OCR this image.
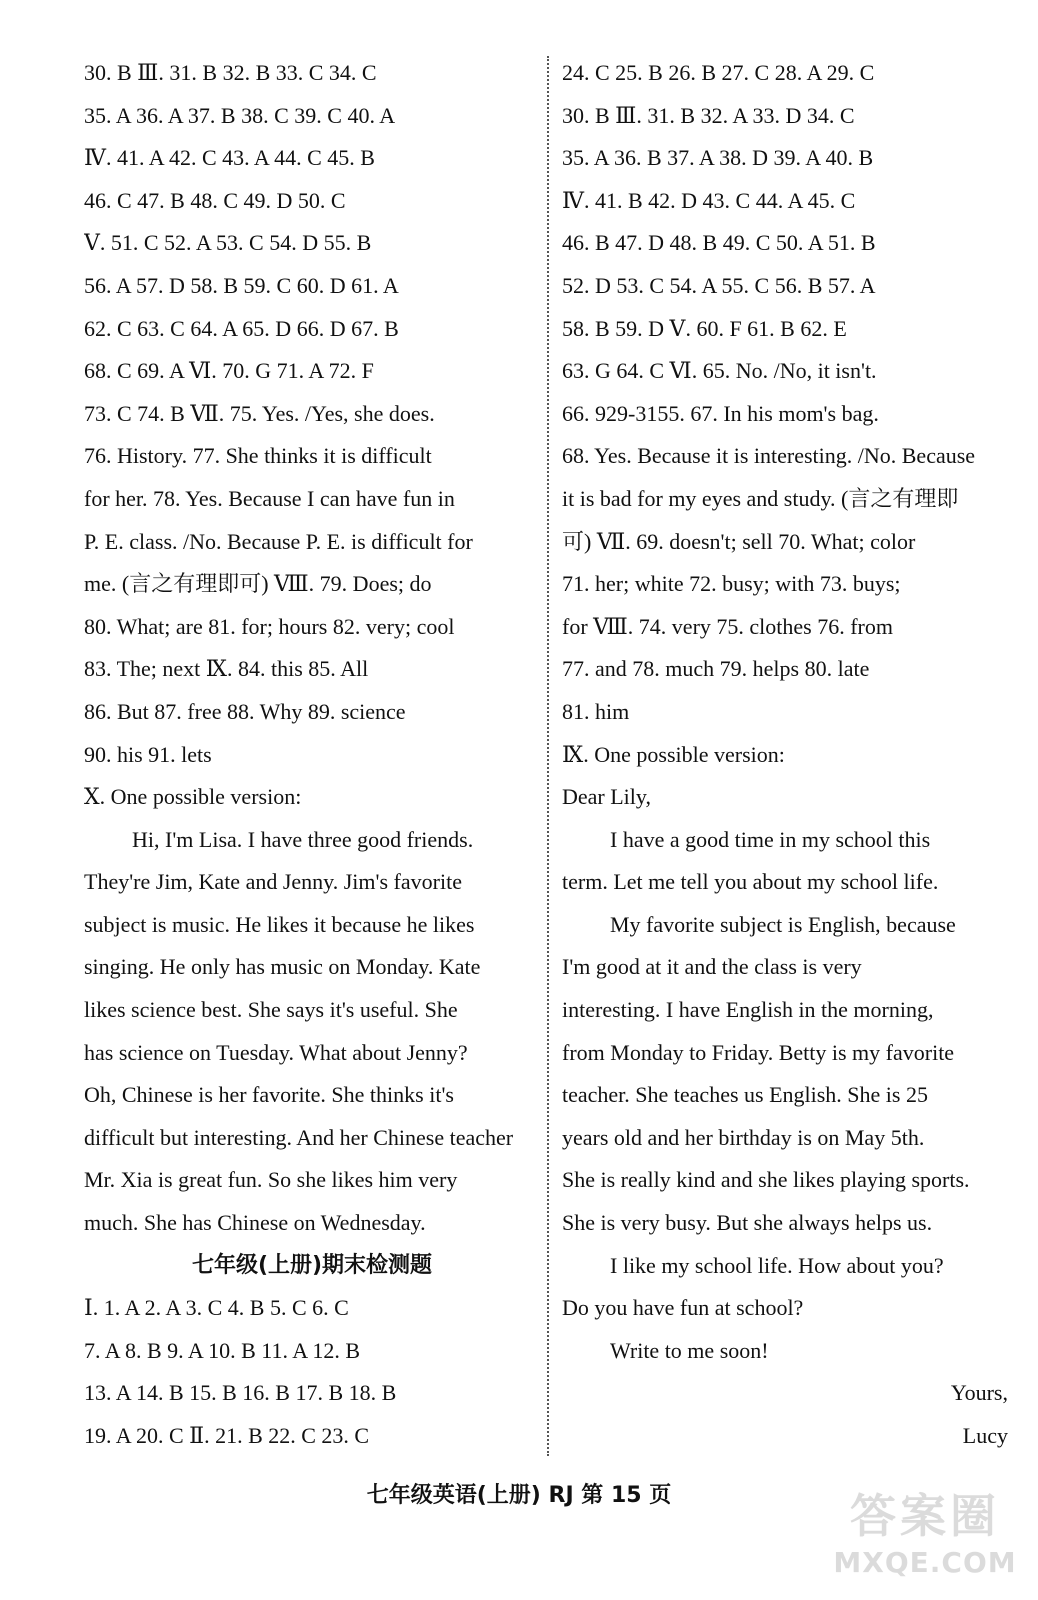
30. B Ⅲ. 31. B 32. B 33. C 34. C
35. A 36. A 37. B 38. C 39. C 40. A
Ⅳ. 41. A 42. C 43. A 44. C 45. B
46. C 47. B 48. C 49. D 50. C
Ⅴ. 51. C 52. A 53. C 54. D 55. B
56. A 57. D 58. B 59. C 60. D 61. A
62. C 63. C 64. A 65. D 66. D 67. B
68. C 69. A Ⅵ. 70. G 71. A 72. F
73. C 74. B Ⅶ. 75. Yes. /Yes, she does.
76. History. 77. She thinks it is difficult
for her. 78. Yes. Because I can have fun in
P. E. class. /No. Because P. E. is difficult for
me. (言之有理即可) Ⅷ. 79. Does; do
80. What; are 81. for; hours 82. very; cool
83. The; next Ⅸ. 84. this 85. All
86. But 87. free 88. Why 89. science
90. his 91. lets
Ⅹ. One possible version:
Hi, I'm Lisa. I have three good friends.
They're Jim, Kate and Jenny. Jim's favorite
subject is music. He likes it because he likes
singing. He only has music on Monday. Kate
likes science best. She says it's useful. She
has science on Tuesday. What about Jenny?
Oh, Chinese is her favorite. She thinks it's
difficult but interesting. And her Chinese teacher
Mr. Xia is great fun. So she likes him very
much. She has Chinese on Wednesday.
七年级(上册)期末检测题
Ⅰ. 1. A 2. A 3. C 4. B 5. C 6. C
7. A 8. B 9. A 10. B 11. A 12. B
13. A 14. B 15. B 16. B 17. B 18. B
19. A 20. C Ⅱ. 21. B 22. C 23. C
24. C 25. B 26. B 27. C 28. A 29. C
30. B Ⅲ. 31. B 32. A 33. D 34. C
35. A 36. B 37. A 38. D 39. A 40. B
Ⅳ. 41. B 42. D 43. C 44. A 45. C
46. B 47. D 48. B 49. C 50. A 51. B
52. D 53. C 54. A 55. C 56. B 57. A
58. B 59. D Ⅴ. 60. F 61. B 62. E
63. G 64. C Ⅵ. 65. No. /No, it isn't.
66. 929-3155. 67. In his mom's bag.
68. Yes. Because it is interesting. /No. Because
it is bad for my eyes and study. (言之有理即
可) Ⅶ. 69. doesn't; sell 70. What; color
71. her; white 72. busy; with 73. buys;
for Ⅷ. 74. very 75. clothes 76. from
77. and 78. much 79. helps 80. late
81. him
Ⅸ. One possible version:
Dear Lily,
I have a good time in my school this
term. Let me tell you about my school life.
My favorite subject is English, because
I'm good at it and the class is very
interesting. I have English in the morning,
from Monday to Friday. Betty is my favorite
teacher. She teaches us English. She is 25
years old and her birthday is on May 5th.
She is really kind and she likes playing sports.
She is very busy. But she always helps us.
I like my school life. How about you?
Do you have fun at school?
Write to me soon!
Yours,
Lucy
七年级英语(上册) RJ 第 15 页	答案圈
MXQE.COM
